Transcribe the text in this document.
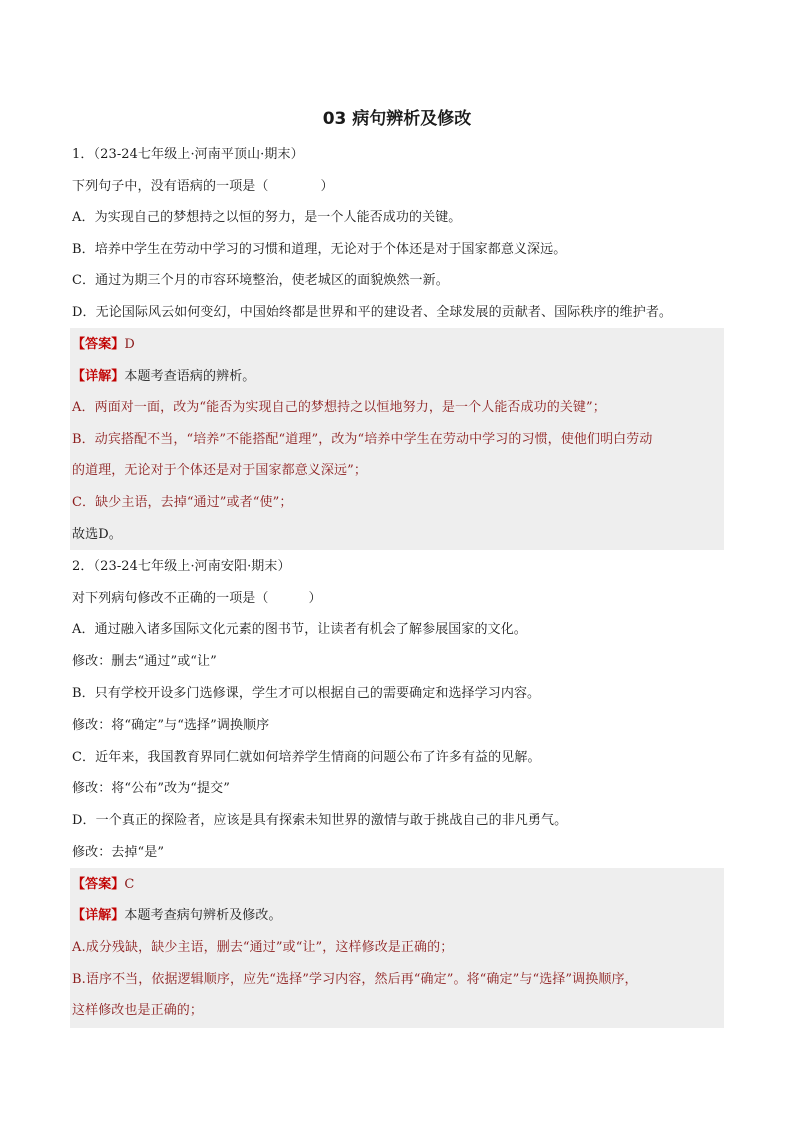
03 病句辨析及修改
1．（23-24七年级上·河南平顶山·期末）
下列句子中，没有语病的一项是（	）
A．为实现自己的梦想持之以恒的努力，是一个人能否成功的关键。
B．培养中学生在劳动中学习的习惯和道理，无论对于个体还是对于国家都意义深远。
C．通过为期三个月的市容环境整治，使老城区的面貌焕然一新。
D．无论国际风云如何变幻，中国始终都是世界和平的建设者、全球发展的贡献者、国际秩序的维护者。
【答案】D
【详解】本题考查语病的辨析。
A．两面对一面，改为“能否为实现自己的梦想持之以恒地努力，是一个人能否成功的关键”；
B．动宾搭配不当，“培养”不能搭配“道理”，改为“培养中学生在劳动中学习的习惯，使他们明白劳动
的道理，无论对于个体还是对于国家都意义深远”；
C．缺少主语，去掉“通过”或者“使”；
故选D。
2．（23-24七年级上·河南安阳·期末）
对下列病句修改不正确的一项是（	）
A．通过融入诸多国际文化元素的图书节，让读者有机会了解参展国家的文化。
修改：删去“通过”或“让”
B．只有学校开设多门选修课，学生才可以根据自己的需要确定和选择学习内容。
修改：将“确定”与“选择”调换顺序
C．近年来，我国教育界同仁就如何培养学生情商的问题公布了许多有益的见解。
修改：将“公布”改为“提交”
D．一个真正的探险者，应该是具有探索未知世界的激情与敢于挑战自己的非凡勇气。
修改：去掉“是”
【答案】C
【详解】本题考查病句辨析及修改。
A.成分残缺，缺少主语，删去“通过”或“让”，这样修改是正确的；
B.语序不当，依据逻辑顺序，应先“选择”学习内容，然后再“确定”。将“确定”与“选择”调换顺序，
这样修改也是正确的；
